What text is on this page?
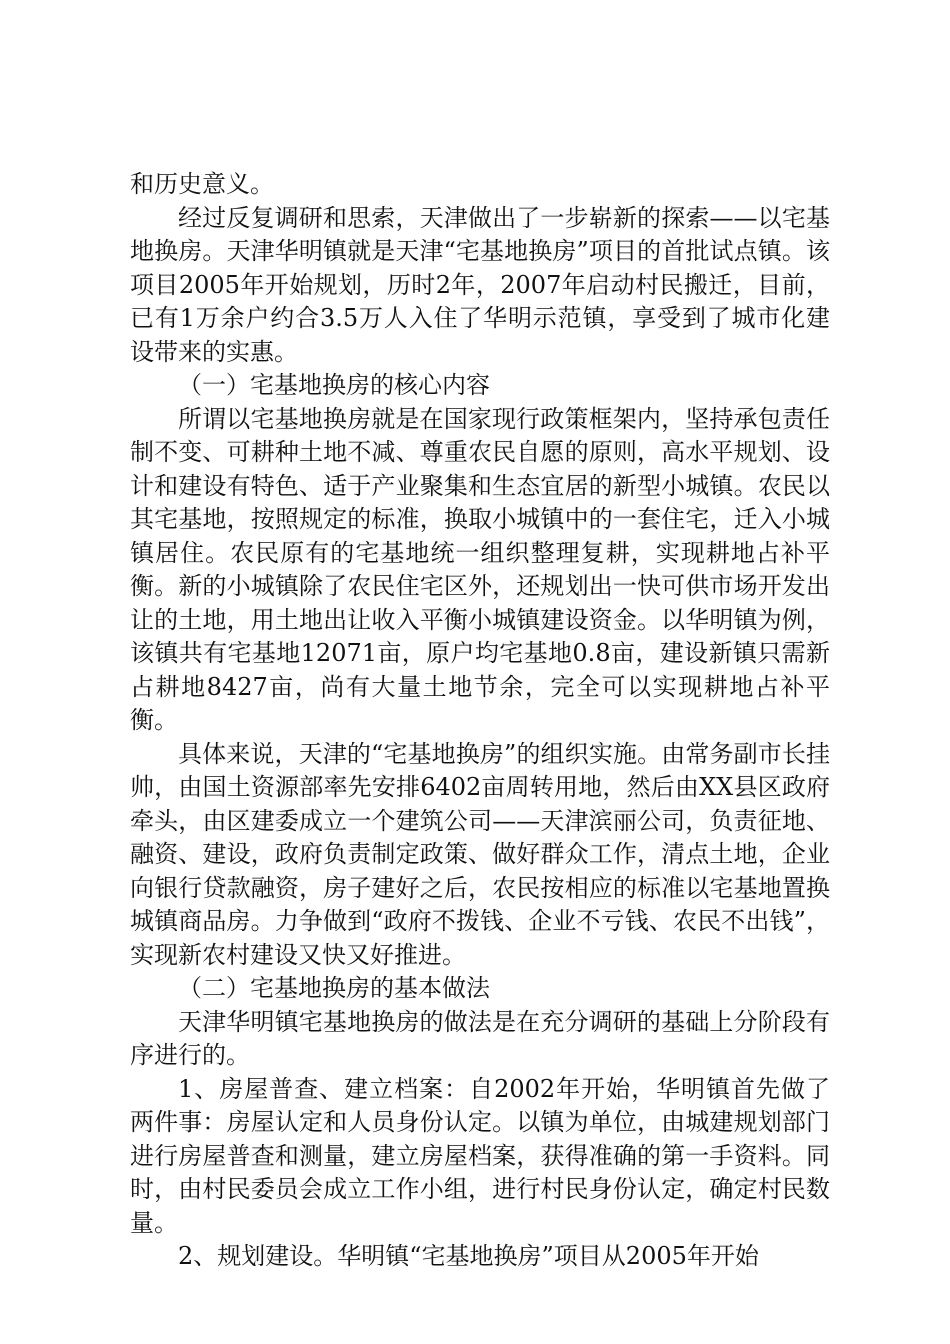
和历史意义。

经过反复调研和思索，天津做出了一步崭新的探索——以宅基地换房。天津华明镇就是天津“宅基地换房”项目的首批试点镇。该项目2005年开始规划，历时2年，2007年启动村民搬迁，目前，已有1万余户约合3.5万人入住了华明示范镇，享受到了城市化建设带来的实惠。

（一）宅基地换房的核心内容

所谓以宅基地换房就是在国家现行政策框架内，坚持承包责任制不变、可耕种土地不减、尊重农民自愿的原则，高水平规划、设计和建设有特色、适于产业聚集和生态宜居的新型小城镇。农民以其宅基地，按照规定的标准，换取小城镇中的一套住宅，迁入小城镇居住。农民原有的宅基地统一组织整理复耕，实现耕地占补平衡。新的小城镇除了农民住宅区外，还规划出一快可供市场开发出让的土地，用土地出让收入平衡小城镇建设资金。以华明镇为例，该镇共有宅基地12071亩，原户均宅基地0.8亩，建设新镇只需新占耕地8427亩，尚有大量土地节余，完全可以实现耕地占补平衡。

具体来说，天津的“宅基地换房”的组织实施。由常务副市长挂帅，由国土资源部率先安排6402亩周转用地，然后由XX县区政府牵头，由区建委成立一个建筑公司——天津滨丽公司，负责征地、融资、建设，政府负责制定政策、做好群众工作，清点土地，企业向银行贷款融资，房子建好之后，农民按相应的标准以宅基地置换城镇商品房。力争做到“政府不拨钱、企业不亏钱、农民不出钱”，实现新农村建设又快又好推进。

（二）宅基地换房的基本做法

天津华明镇宅基地换房的做法是在充分调研的基础上分阶段有序进行的。

1、房屋普查、建立档案：自2002年开始，华明镇首先做了两件事：房屋认定和人员身份认定。以镇为单位，由城建规划部门进行房屋普查和测量，建立房屋档案，获得准确的第一手资料。同时，由村民委员会成立工作小组，进行村民身份认定，确定村民数量。

2、规划建设。华明镇“宅基地换房”项目从2005年开始
